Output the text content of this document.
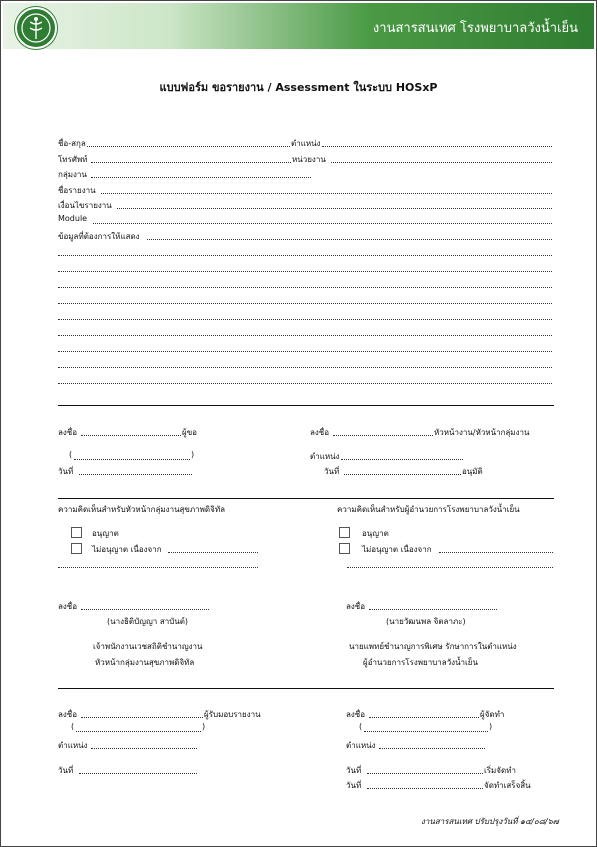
งานสารสนเทศ โรงพยาบาลวังน้ำเย็น
แบบฟอร์ม ขอรายงาน / Assessment ในระบบ HOSxP
ชื่อ-สกุล	ตำแหน่ง
โทรศัพท์	หน่วยงาน
กลุ่มงาน
ชื่อรายงาน
เงื่อนไขรายงาน
Module
ข้อมูลที่ต้องการให้แสดง
ลงชื่อ	ผู้ขอ	ลงชื่อ	หัวหน้างาน/หัวหน้ากลุ่มงาน
(	)	ตำแหน่ง
วันที่	วันที่	อนุมัติ
ความคิดเห็นสำหรับหัวหน้ากลุ่มงานสุขภาพดิจิทัล	ความคิดเห็นสำหรับผู้อำนวยการโรงพยาบาลวังน้ำเย็น
อนุญาต
ไม่อนุญาต เนื่องจาก
อนุญาต
ไม่อนุญาต เนื่องจาก
ลงชื่อ
(นางธิติบัญญา สาบันต์)
เจ้าพนักงานเวชสถิติชำนาญงาน
หัวหน้ากลุ่มงานสุขภาพดิจิทัล
ลงชื่อ
(นายวัฒนพล จิตลาภะ)
นายแพทย์ชำนาญการพิเศษ รักษาการในตำแหน่ง
ผู้อำนวยการโรงพยาบาลวังน้ำเย็น
ลงชื่อ	ผู้รับมอบรายงาน
(	)
ตำแหน่ง
วันที่
ลงชื่อ	ผู้จัดทำ
(	)
ตำแหน่ง
วันที่	เริ่มจัดทำ
วันที่	จัดทำเสร็จสิ้น
งานสารสนเทศ ปรับปรุงวันที่ ๑๔/๐๘/๖๗
